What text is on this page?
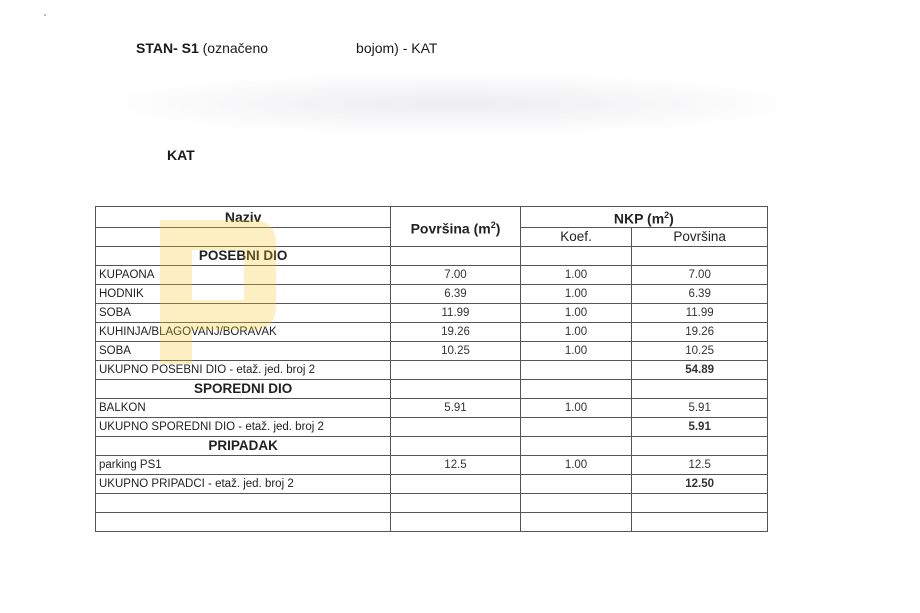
STAN- S1 (označeno	bojom) - KAT
KAT
Naziv	Površina $(m^2)$	NKP $(m^2)$	
		Koef.	Površina
POSEBNI DIO			
KUPAONA	7.00	1.00	7.00
HODNIK	6.39	1.00	6.39
SOBA	11.99	1.00	11.99
KUHINJA/BLAGOVANJ/BORAVAK	19.26	1.00	19.26
SOBA	10.25	1.00	10.25
UKUPNO POSEBNI DIO - etaž. jed. broj 2			54.89
SPOREDNI DIO			
BALKON	5.91	1.00	5.91
UKUPNO SPOREDNI DIO - etaž. jed. broj 2			5.91
PRIPADAK			
parking PS1	12.5	1.00	12.5
UKUPNO PRIPADCI - etaž. jed. broj 2			12.50
